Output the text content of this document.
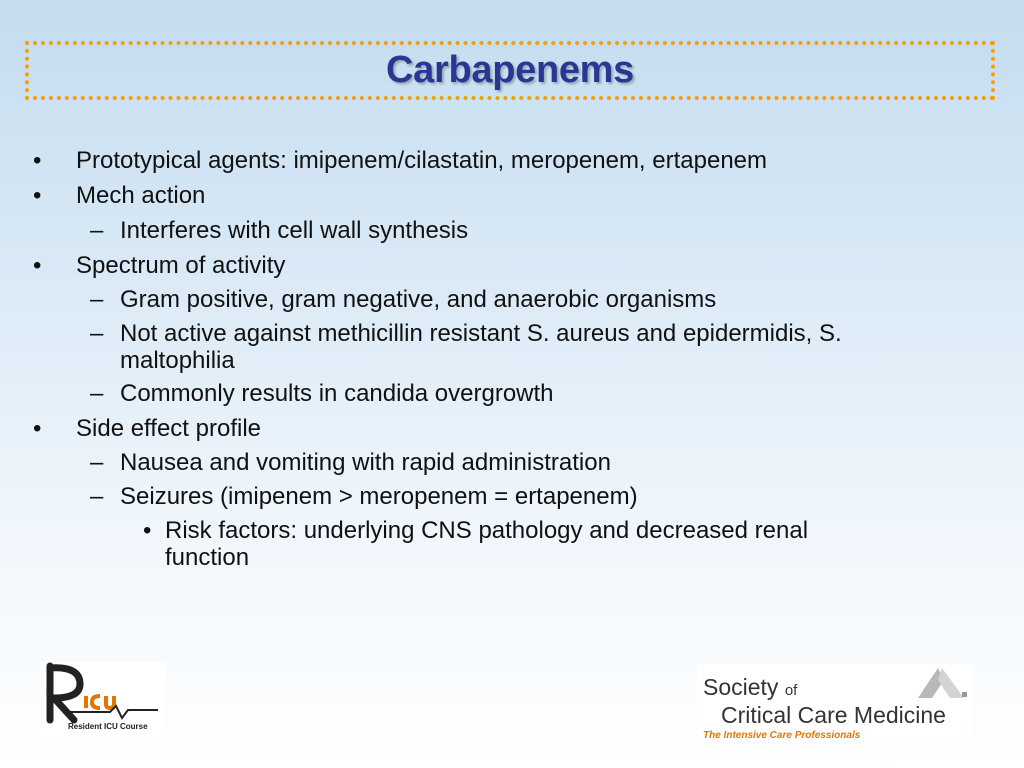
Carbapenems
• Prototypical agents: imipenem/cilastatin, meropenem, ertapenem
• Mech action
– Interferes with cell wall synthesis
• Spectrum of activity
– Gram positive, gram negative, and anaerobic organisms
– Not active against methicillin resistant S. aureus and epidermidis, S.
maltophilia
– Commonly results in candida overgrowth
• Side effect profile
– Nausea and vomiting with rapid administration
– Seizures (imipenem > meropenem = ertapenem)
• Risk factors: underlying CNS pathology and decreased renal
function
Resident ICU Course
Society of
Critical Care Medicine
The Intensive Care Professionals
